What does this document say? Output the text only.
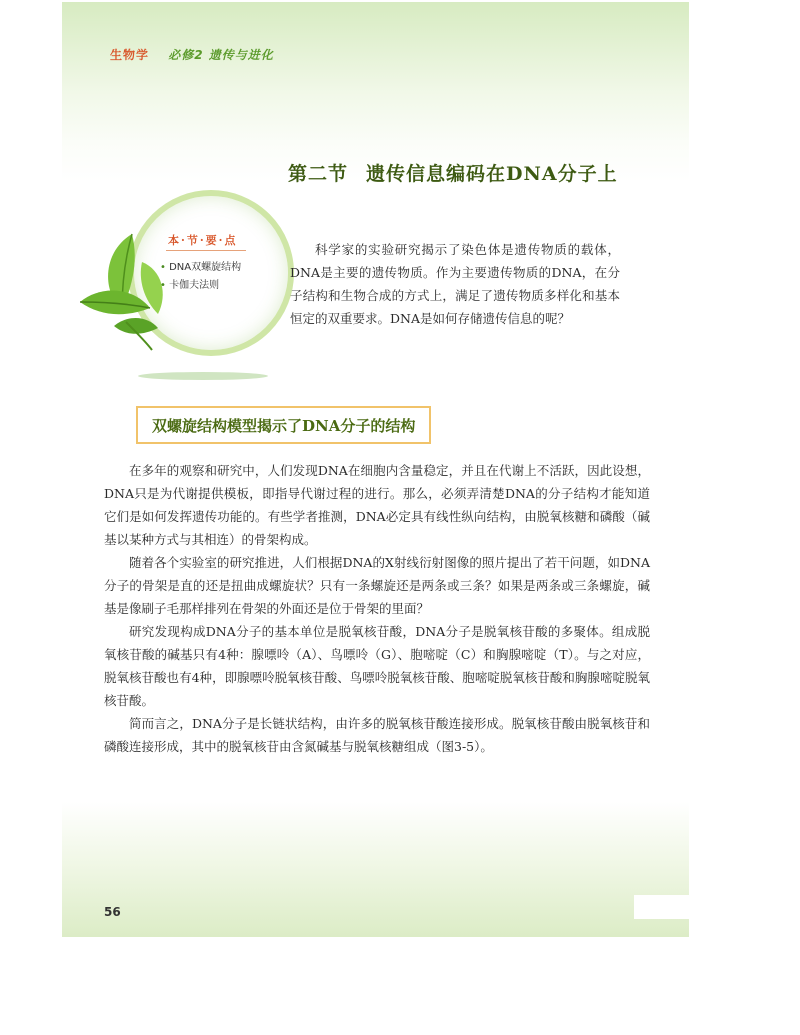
生物学 必修2 遗传与进化
第二节 遗传信息编码在DNA分子上
本·节·要·点
• DNA双螺旋结构
• 卡伽夫法则

科学家的实验研究揭示了染色体是遗传物质的载体，DNA是主要的遗传物质。作为主要遗传物质的DNA，在分子结构和生物合成的方式上，满足了遗传物质多样化和基本恒定的双重要求。DNA是如何存储遗传信息的呢？

双螺旋结构模型揭示了DNA分子的结构

在多年的观察和研究中，人们发现DNA在细胞内含量稳定，并且在代谢上不活跃，因此设想，DNA只是为代谢提供模板，即指导代谢过程的进行。那么，必须弄清楚DNA的分子结构才能知道它们是如何发挥遗传功能的。有些学者推测，DNA必定具有线性纵向结构，由脱氧核糖和磷酸（碱基以某种方式与其相连）的骨架构成。

随着各个实验室的研究推进，人们根据DNA的X射线衍射图像的照片提出了若干问题，如DNA分子的骨架是直的还是扭曲成螺旋状？只有一条螺旋还是两条或三条？如果是两条或三条螺旋，碱基是像刷子毛那样排列在骨架的外面还是位于骨架的里面？

研究发现构成DNA分子的基本单位是脱氧核苷酸，DNA分子是脱氧核苷酸的多聚体。组成脱氧核苷酸的碱基只有4种：腺嘌呤（A）、鸟嘌呤（G）、胞嘧啶（C）和胸腺嘧啶（T）。与之对应，脱氧核苷酸也有4种，即腺嘌呤脱氧核苷酸、鸟嘌呤脱氧核苷酸、胞嘧啶脱氧核苷酸和胸腺嘧啶脱氧核苷酸。

简而言之，DNA分子是长链状结构，由许多的脱氧核苷酸连接形成。脱氧核苷酸由脱氧核苷和磷酸连接形成，其中的脱氧核苷由含氮碱基与脱氧核糖组成（图3-5）。

56
